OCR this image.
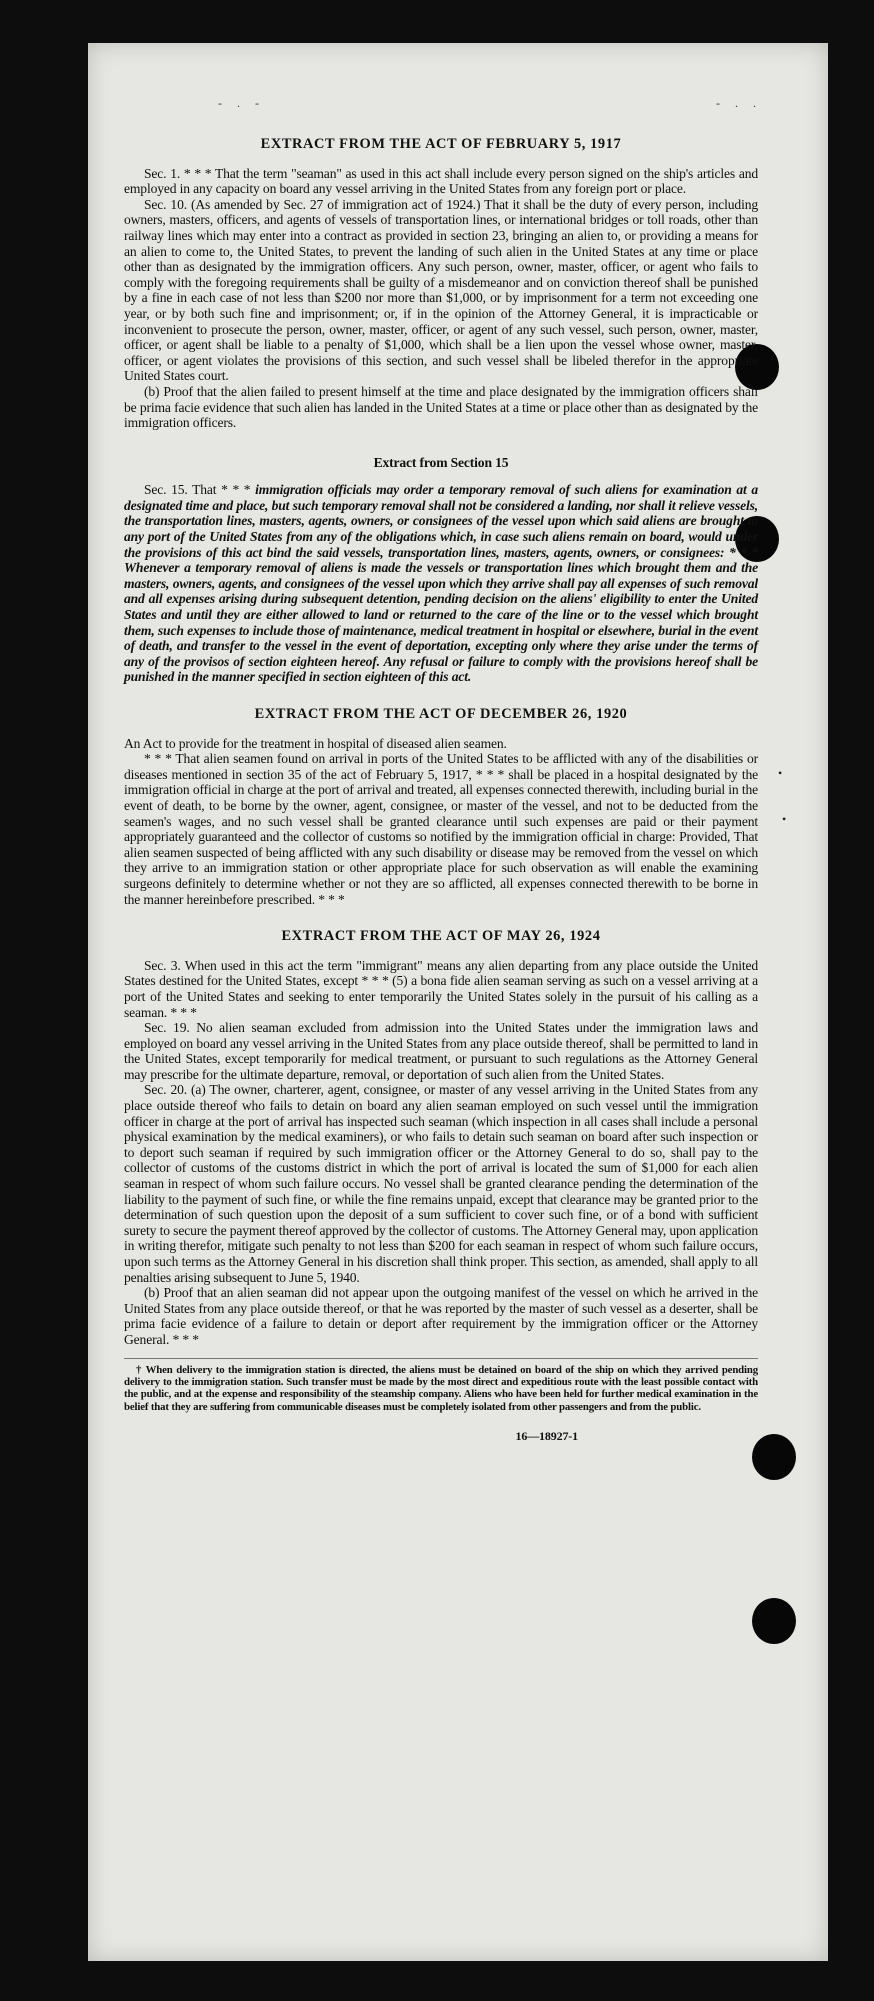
- . -	- . .
•
•
EXTRACT FROM THE ACT OF FEBRUARY 5, 1917

Sec. 1. * * * That the term "seaman" as used in this act shall include every person signed on the ship's articles and employed in any capacity on board any vessel arriving in the United States from any foreign port or place.

Sec. 10. (As amended by Sec. 27 of immigration act of 1924.) That it shall be the duty of every person, including owners, masters, officers, and agents of vessels of transportation lines, or international bridges or toll roads, other than railway lines which may enter into a contract as provided in section 23, bringing an alien to, or providing a means for an alien to come to, the United States, to prevent the landing of such alien in the United States at any time or place other than as designated by the immigration officers. Any such person, owner, master, officer, or agent who fails to comply with the foregoing requirements shall be guilty of a misdemeanor and on conviction thereof shall be punished by a fine in each case of not less than $200 nor more than $1,000, or by imprisonment for a term not exceeding one year, or by both such fine and imprisonment; or, if in the opinion of the Attorney General, it is impracticable or inconvenient to prosecute the person, owner, master, officer, or agent of any such vessel, such person, owner, master, officer, or agent shall be liable to a penalty of $1,000, which shall be a lien upon the vessel whose owner, master, officer, or agent violates the provisions of this section, and such vessel shall be libeled therefor in the appropriate United States court.

(b) Proof that the alien failed to present himself at the time and place designated by the immigration officers shall be prima facie evidence that such alien has landed in the United States at a time or place other than as designated by the immigration officers.

Extract from Section 15

Sec. 15. That * * * immigration officials may order a temporary removal of such aliens for examination at a designated time and place, but such temporary removal shall not be considered a landing, nor shall it relieve vessels, the transportation lines, masters, agents, owners, or consignees of the vessel upon which said aliens are brought to any port of the United States from any of the obligations which, in case such aliens remain on board, would under the provisions of this act bind the said vessels, transportation lines, masters, agents, owners, or consignees: * * * Whenever a temporary removal of aliens is made the vessels or transportation lines which brought them and the masters, owners, agents, and consignees of the vessel upon which they arrive shall pay all expenses of such removal and all expenses arising during subsequent detention, pending decision on the aliens' eligibility to enter the United States and until they are either allowed to land or returned to the care of the line or to the vessel which brought them, such expenses to include those of maintenance, medical treatment in hospital or elsewhere, burial in the event of death, and transfer to the vessel in the event of deportation, excepting only where they arise under the terms of any of the provisos of section eighteen hereof. Any refusal or failure to comply with the provisions hereof shall be punished in the manner specified in section eighteen of this act.

EXTRACT FROM THE ACT OF DECEMBER 26, 1920

An Act to provide for the treatment in hospital of diseased alien seamen.

* * * That alien seamen found on arrival in ports of the United States to be afflicted with any of the disabilities or diseases mentioned in section 35 of the act of February 5, 1917, * * * shall be placed in a hospital designated by the immigration official in charge at the port of arrival and treated, all expenses connected therewith, including burial in the event of death, to be borne by the owner, agent, consignee, or master of the vessel, and not to be deducted from the seamen's wages, and no such vessel shall be granted clearance until such expenses are paid or their payment appropriately guaranteed and the collector of customs so notified by the immigration official in charge: Provided, That alien seamen suspected of being afflicted with any such disability or disease may be removed from the vessel on which they arrive to an immigration station or other appropriate place for such observation as will enable the examining surgeons definitely to determine whether or not they are so afflicted, all expenses connected therewith to be borne in the manner hereinbefore prescribed. * * *

EXTRACT FROM THE ACT OF MAY 26, 1924

Sec. 3. When used in this act the term "immigrant" means any alien departing from any place outside the United States destined for the United States, except * * * (5) a bona fide alien seaman serving as such on a vessel arriving at a port of the United States and seeking to enter temporarily the United States solely in the pursuit of his calling as a seaman. * * *

Sec. 19. No alien seaman excluded from admission into the United States under the immigration laws and employed on board any vessel arriving in the United States from any place outside thereof, shall be permitted to land in the United States, except temporarily for medical treatment, or pursuant to such regulations as the Attorney General may prescribe for the ultimate departure, removal, or deportation of such alien from the United States.

Sec. 20. (a) The owner, charterer, agent, consignee, or master of any vessel arriving in the United States from any place outside thereof who fails to detain on board any alien seaman employed on such vessel until the immigration officer in charge at the port of arrival has inspected such seaman (which inspection in all cases shall include a personal physical examination by the medical examiners), or who fails to detain such seaman on board after such inspection or to deport such seaman if required by such immigration officer or the Attorney General to do so, shall pay to the collector of customs of the customs district in which the port of arrival is located the sum of $1,000 for each alien seaman in respect of whom such failure occurs. No vessel shall be granted clearance pending the determination of the liability to the payment of such fine, or while the fine remains unpaid, except that clearance may be granted prior to the determination of such question upon the deposit of a sum sufficient to cover such fine, or of a bond with sufficient surety to secure the payment thereof approved by the collector of customs. The Attorney General may, upon application in writing therefor, mitigate such penalty to not less than $200 for each seaman in respect of whom such failure occurs, upon such terms as the Attorney General in his discretion shall think proper. This section, as amended, shall apply to all penalties arising subsequent to June 5, 1940.

(b) Proof that an alien seaman did not appear upon the outgoing manifest of the vessel on which he arrived in the United States from any place outside thereof, or that he was reported by the master of such vessel as a deserter, shall be prima facie evidence of a failure to detain or deport after requirement by the immigration officer or the Attorney General. * * *

† When delivery to the immigration station is directed, the aliens must be detained on board of the ship on which they arrived pending delivery to the immigration station. Such transfer must be made by the most direct and expeditious route with the least possible contact with the public, and at the expense and responsibility of the steamship company. Aliens who have been held for further medical examination in the belief that they are suffering from communicable diseases must be completely isolated from other passengers and from the public.

16—18927-1
